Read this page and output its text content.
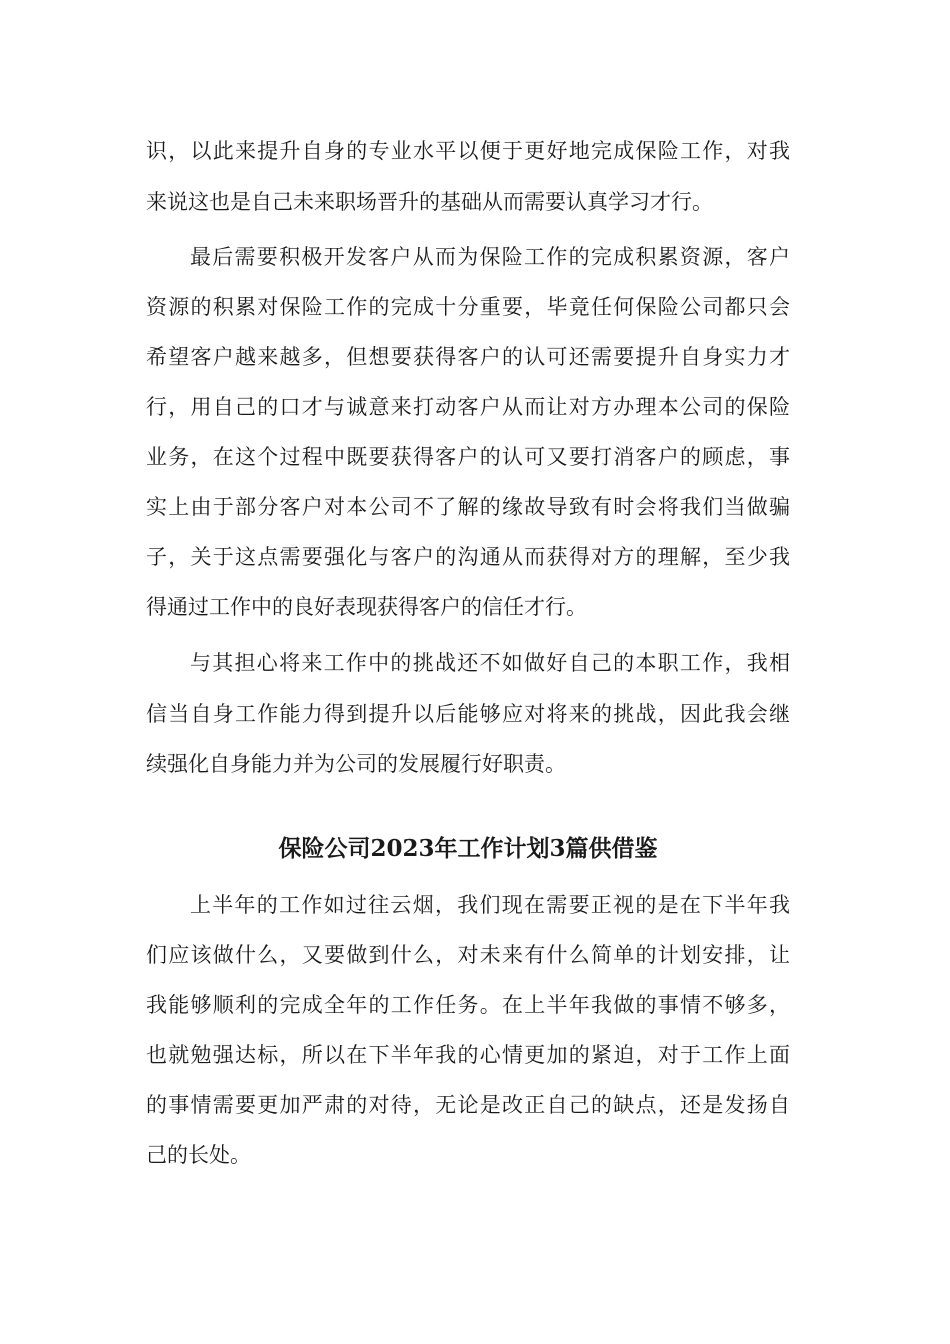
识，以此来提升自身的专业水平以便于更好地完成保险工作，对我
来说这也是自己未来职场晋升的基础从而需要认真学习才行。
最后需要积极开发客户从而为保险工作的完成积累资源，客户
资源的积累对保险工作的完成十分重要，毕竟任何保险公司都只会
希望客户越来越多，但想要获得客户的认可还需要提升自身实力才
行，用自己的口才与诚意来打动客户从而让对方办理本公司的保险
业务，在这个过程中既要获得客户的认可又要打消客户的顾虑，事
实上由于部分客户对本公司不了解的缘故导致有时会将我们当做骗
子，关于这点需要强化与客户的沟通从而获得对方的理解，至少我
得通过工作中的良好表现获得客户的信任才行。
与其担心将来工作中的挑战还不如做好自己的本职工作，我相
信当自身工作能力得到提升以后能够应对将来的挑战，因此我会继
续强化自身能力并为公司的发展履行好职责。
保险公司2023年工作计划3篇供借鉴
上半年的工作如过往云烟，我们现在需要正视的是在下半年我
们应该做什么，又要做到什么，对未来有什么简单的计划安排，让
我能够顺利的完成全年的工作任务。在上半年我做的事情不够多，
也就勉强达标，所以在下半年我的心情更加的紧迫，对于工作上面
的事情需要更加严肃的对待，无论是改正自己的缺点，还是发扬自
己的长处。
